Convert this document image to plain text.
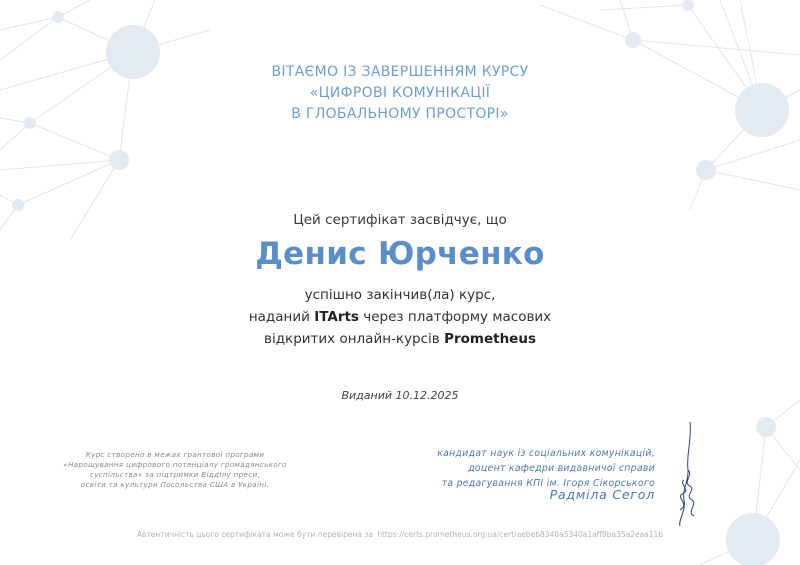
ВІТАЄМО ІЗ ЗАВЕРШЕННЯМ КУРСУ
«ЦИФРОВІ КОМУНІКАЦІЇ
В ГЛОБАЛЬНОМУ ПРОСТОРІ»
Цей сертифікат засвідчує, що
Денис Юрченко
успішно закінчив(ла) курс,
наданий ITArts через платформу масових
відкритих онлайн-курсів Prometheus
Виданий 10.12.2025
Курс створено в межах грантової програми
«Нарощування цифрового потенціалу громадянського
суспільства» за підтримки Відділу преси,
освіти та культури Посольства США в Україні.
кандидат наук із соціальних комунікацій,
доцент кафедри видавничої справи
та редагування КПІ ім. Ігоря Сікорського
Радміла Сегол
Автентичність цього сертифіката може бути перевірена за https://certs.prometheus.org.ua/cert/aebeb8340a5340a1aff8ba35a2eaa11b
